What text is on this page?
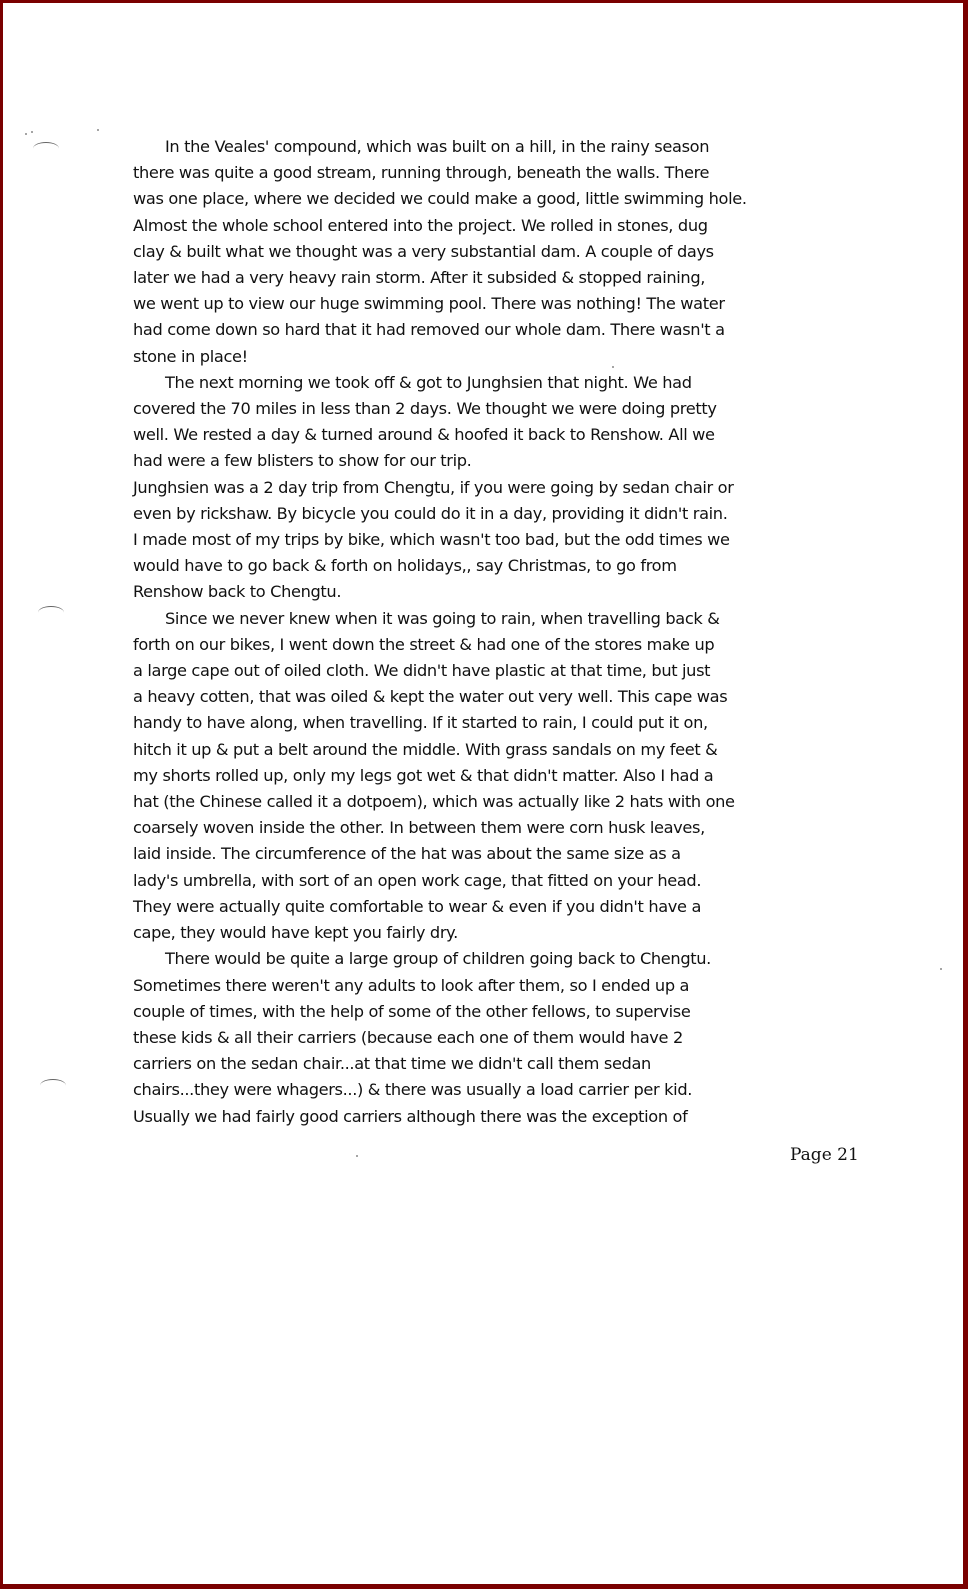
In the Veales' compound, which was built on a hill, in the rainy season
there was quite a good stream, running through, beneath the walls. There
was one place, where we decided we could make a good, little swimming hole.
Almost the whole school entered into the project. We rolled in stones, dug
clay & built what we thought was a very substantial dam. A couple of days
later we had a very heavy rain storm. After it subsided & stopped raining,
we went up to view our huge swimming pool. There was nothing! The water
had come down so hard that it had removed our whole dam. There wasn't a
stone in place!
The next morning we took off & got to Junghsien that night. We had
covered the 70 miles in less than 2 days. We thought we were doing pretty
well. We rested a day & turned around & hoofed it back to Renshow. All we
had were a few blisters to show for our trip.
Junghsien was a 2 day trip from Chengtu, if you were going by sedan chair or
even by rickshaw. By bicycle you could do it in a day, providing it didn't rain.
I made most of my trips by bike, which wasn't too bad, but the odd times we
would have to go back & forth on holidays,, say Christmas, to go from
Renshow back to Chengtu.
Since we never knew when it was going to rain, when travelling back &
forth on our bikes, I went down the street & had one of the stores make up
a large cape out of oiled cloth. We didn't have plastic at that time, but just
a heavy cotten, that was oiled & kept the water out very well. This cape was
handy to have along, when travelling. If it started to rain, I could put it on,
hitch it up & put a belt around the middle. With grass sandals on my feet &
my shorts rolled up, only my legs got wet & that didn't matter. Also I had a
hat (the Chinese called it a dotpoem), which was actually like 2 hats with one
coarsely woven inside the other. In between them were corn husk leaves,
laid inside. The circumference of the hat was about the same size as a
lady's umbrella, with sort of an open work cage, that fitted on your head.
They were actually quite comfortable to wear & even if you didn't have a
cape, they would have kept you fairly dry.
There would be quite a large group of children going back to Chengtu.
Sometimes there weren't any adults to look after them, so I ended up a
couple of times, with the help of some of the other fellows, to supervise
these kids & all their carriers (because each one of them would have 2
carriers on the sedan chair...at that time we didn't call them sedan
chairs...they were whagers...) & there was usually a load carrier per kid.
Usually we had fairly good carriers although there was the exception of
Page 21
